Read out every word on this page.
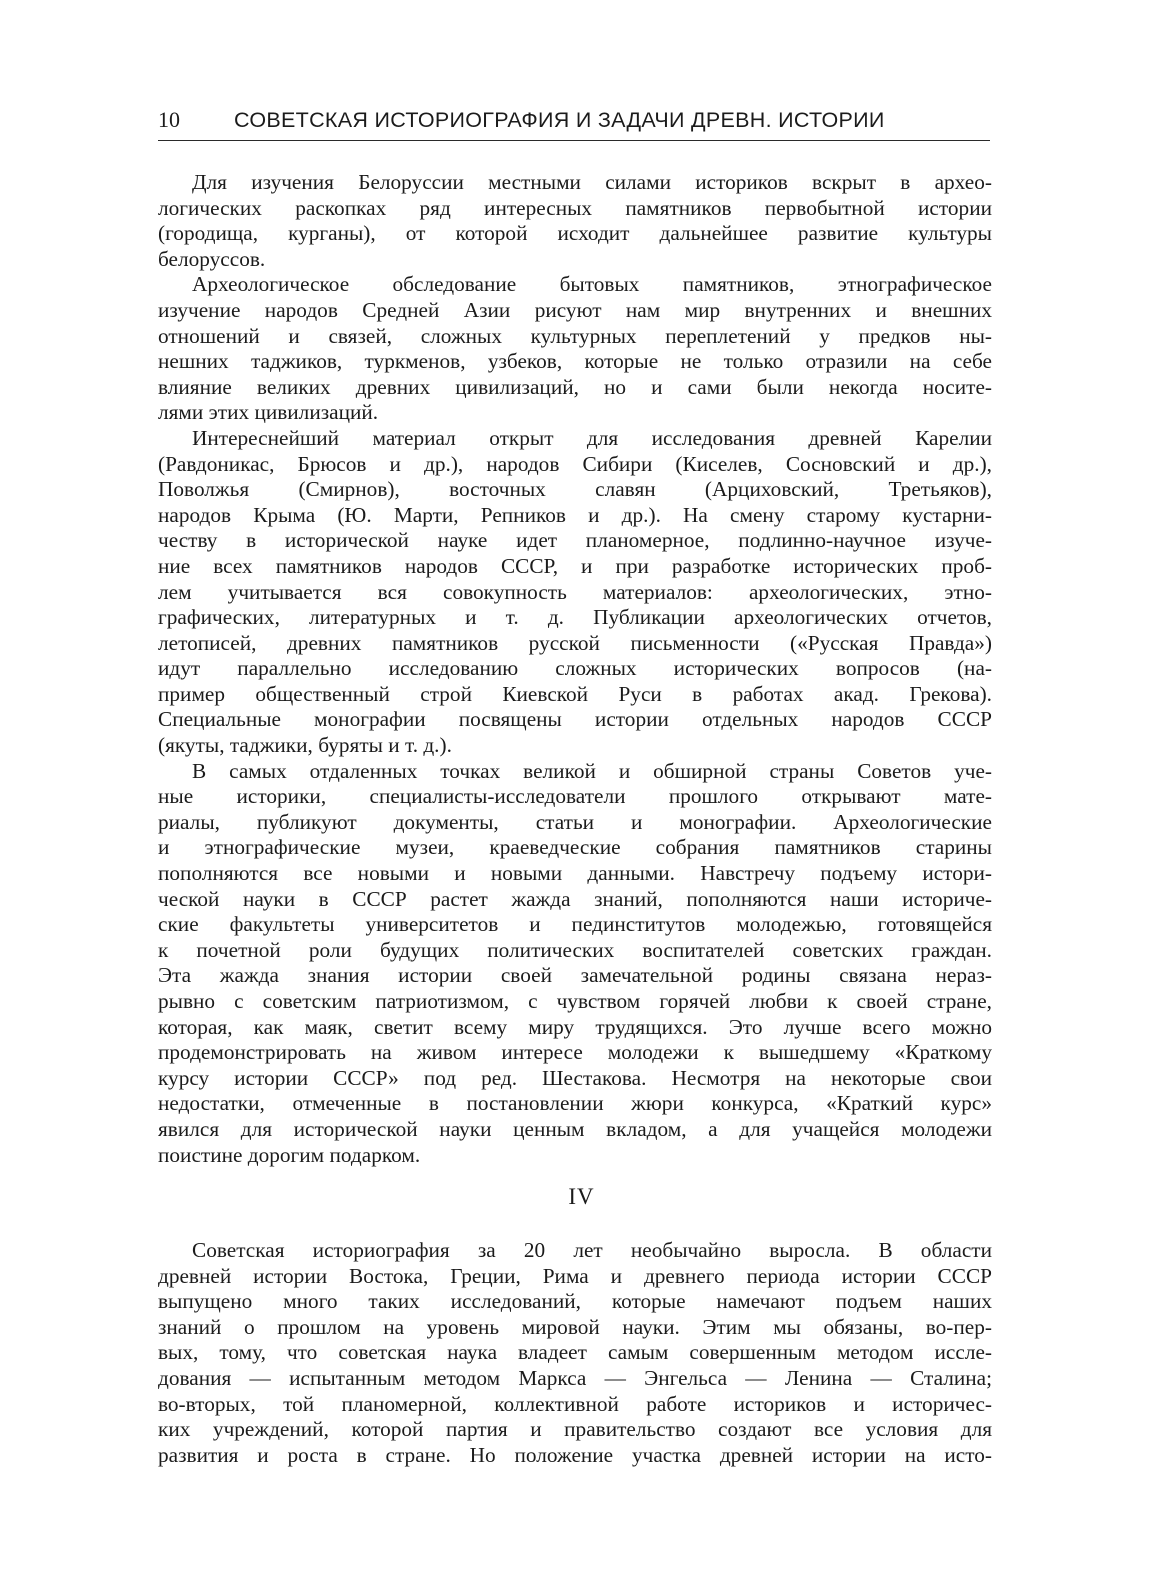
10	СОВЕТСКАЯ ИСТОРИОГРАФИЯ И ЗАДАЧИ ДРЕВН. ИСТОРИИ
Для изучения Белоруссии местными силами историков вскрыт в архео-
логических раскопках ряд интересных памятников первобытной истории
(городища, курганы), от которой исходит дальнейшее развитие культуры
белоруссов.
Археологическое обследование бытовых памятников, этнографическое
изучение народов Средней Азии рисуют нам мир внутренних и внешних
отношений и связей, сложных культурных переплетений у предков ны-
нешних таджиков, туркменов, узбеков, которые не только отразили на себе
влияние великих древних цивилизаций, но и сами были некогда носите-
лями этих цивилизаций.
Интереснейший материал открыт для исследования древней Карелии
(Равдоникас, Брюсов и др.), народов Сибири (Киселев, Сосновский и др.),
Поволжья (Смирнов), восточных славян (Арциховский, Третьяков),
народов Крыма (Ю. Марти, Репников и др.). На смену старому кустарни-
честву в исторической науке идет планомерное, подлинно-научное изуче-
ние всех памятников народов СССР, и при разработке исторических проб-
лем учитывается вся совокупность материалов: археологических, этно-
графических, литературных и т. д. Публикации археологических отчетов,
летописей, древних памятников русской письменности («Русская Правда»)
идут параллельно исследованию сложных исторических вопросов (на-
пример общественный строй Киевской Руси в работах акад. Грекова).
Специальные монографии посвящены истории отдельных народов СССР
(якуты, таджики, буряты и т. д.).
В самых отдаленных точках великой и обширной страны Советов уче-
ные историки, специалисты-исследователи прошлого открывают мате-
риалы, публикуют документы, статьи и монографии. Археологические
и этнографические музеи, краеведческие собрания памятников старины
пополняются все новыми и новыми данными. Навстречу подъему истори-
ческой науки в СССР растет жажда знаний, пополняются наши историче-
ские факультеты университетов и пединститутов молодежью, готовящейся
к почетной роли будущих политических воспитателей советских граждан.
Эта жажда знания истории своей замечательной родины связана нераз-
рывно с советским патриотизмом, с чувством горячей любви к своей стране,
которая, как маяк, светит всему миру трудящихся. Это лучше всего можно
продемонстрировать на живом интересе молодежи к вышедшему «Краткому
курсу истории СССР» под ред. Шестакова. Несмотря на некоторые свои
недостатки, отмеченные в постановлении жюри конкурса, «Краткий курс»
явился для исторической науки ценным вкладом, а для учащейся молодежи
поистине дорогим подарком.
IV
Советская историография за 20 лет необычайно выросла. В области
древней истории Востока, Греции, Рима и древнего периода истории СССР
выпущено много таких исследований, которые намечают подъем наших
знаний о прошлом на уровень мировой науки. Этим мы обязаны, во-пер-
вых, тому, что советская наука владеет самым совершенным методом иссле-
дования — испытанным методом Маркса — Энгельса — Ленина — Сталина;
во-вторых, той планомерной, коллективной работе историков и историчес-
ких учреждений, которой партия и правительство создают все условия для
развития и роста в стране. Но положение участка древней истории на исто-
